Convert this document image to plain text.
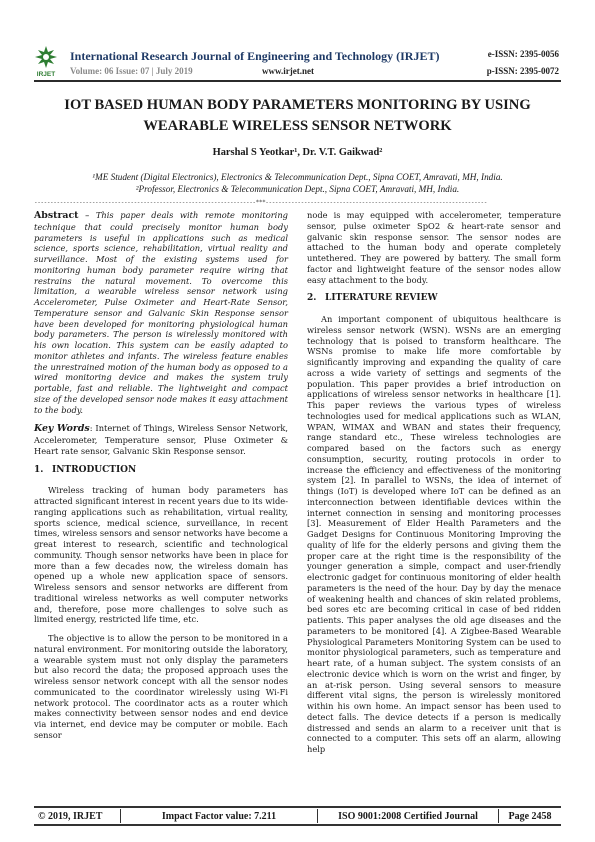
IRJET
International Research Journal of Engineering and Technology (IRJET)
Volume: 06 Issue: 07 | July 2019	www.irjet.net
e-ISSN: 2395-0056
p-ISSN: 2395-0072
IOT BASED HUMAN BODY PARAMETERS MONITORING BY USING
WEARABLE WIRELESS SENSOR NETWORK
Harshal S Yeotkar¹, Dr. V.T. Gaikwad²
¹ME Student (Digital Electronics), Electronics & Telecommunication Dept., Sipna COET, Amravati, MH, India.
²Professor, Electronics & Telecommunication Dept., Sipna COET, Amravati, MH, India.
---------------------------------------------------------------------***---------------------------------------------------------------------

Abstract – This paper deals with remote monitoring technique that could precisely monitor human body parameters is useful in applications such as medical science, sports science, rehabilitation, virtual reality and surveillance. Most of the existing systems used for monitoring human body parameter require wiring that restrains the natural movement. To overcome this limitation, a wearable wireless sensor network using Accelerometer, Pulse Oximeter and Heart-Rate Sensor, Temperature sensor and Galvanic Skin Response sensor have been developed for monitoring physiological human body parameters. The person is wirelessly monitored with his own location. This system can be easily adapted to monitor athletes and infants. The wireless feature enables the unrestrained motion of the human body as opposed to a wired monitoring device and makes the system truly portable, fast and reliable. The lightweight and compact size of the developed sensor node makes it easy attachment to the body.

Key Words: Internet of Things, Wireless Sensor Network, Accelerometer, Temperature sensor, Pluse Oximeter & Heart rate sensor, Galvanic Skin Response sensor.

1. INTRODUCTION

Wireless tracking of human body parameters has attracted significant interest in recent years due to its wide-ranging applications such as rehabilitation, virtual reality, sports science, medical science, surveillance, in recent times, wireless sensors and sensor networks have become a great interest to research, scientific and technological community. Though sensor networks have been in place for more than a few decades now, the wireless domain has opened up a whole new application space of sensors. Wireless sensors and sensor networks are different from traditional wireless networks as well computer networks and, therefore, pose more challenges to solve such as limited energy, restricted life time, etc.

The objective is to allow the person to be monitored in a natural environment. For monitoring outside the laboratory, a wearable system must not only display the parameters but also record the data; the proposed approach uses the wireless sensor network concept with all the sensor nodes communicated to the coordinator wirelessly using Wi-Fi network protocol. The coordinator acts as a router which makes connectivity between sensor nodes and end device via internet, end device may be computer or mobile. Each sensor

node is may equipped with accelerometer, temperature sensor, pulse oximeter SpO2 & heart-rate sensor and galvanic skin response sensor. The sensor nodes are attached to the human body and operate completely untethered. They are powered by battery. The small form factor and lightweight feature of the sensor nodes allow easy attachment to the body.

2. LITERATURE REVIEW

An important component of ubiquitous healthcare is wireless sensor network (WSN). WSNs are an emerging technology that is poised to transform healthcare. The WSNs promise to make life more comfortable by significantly improving and expanding the quality of care across a wide variety of settings and segments of the population. This paper provides a brief introduction on applications of wireless sensor networks in healthcare [1]. This paper reviews the various types of wireless technologies used for medical applications such as WLAN, WPAN, WIMAX and WBAN and states their frequency, range standard etc., These wireless technologies are compared based on the factors such as energy consumption, security, routing protocols in order to increase the efficiency and effectiveness of the monitoring system [2]. In parallel to WSNs, the idea of internet of things (IoT) is developed where IoT can be defined as an interconnection between identifiable devices within the internet connection in sensing and monitoring processes [3]. Measurement of Elder Health Parameters and the Gadget Designs for Continuous Monitoring Improving the quality of life for the elderly persons and giving them the proper care at the right time is the responsibility of the younger generation a simple, compact and user-friendly electronic gadget for continuous monitoring of elder health parameters is the need of the hour. Day by day the menace of weakening health and chances of skin related problems, bed sores etc are becoming critical in case of bed ridden patients. This paper analyses the old age diseases and the parameters to be monitored [4]. A Zigbee-Based Wearable Physiological Parameters Monitoring System can be used to monitor physiological parameters, such as temperature and heart rate, of a human subject. The system consists of an electronic device which is worn on the wrist and finger, by an at-risk person. Using several sensors to measure different vital signs, the person is wirelessly monitored within his own home. An impact sensor has been used to detect falls. The device detects if a person is medically distressed and sends an alarm to a receiver unit that is connected to a computer. This sets off an alarm, allowing help

© 2019, IRJET	Impact Factor value: 7.211	ISO 9001:2008 Certified Journal	Page 2458
